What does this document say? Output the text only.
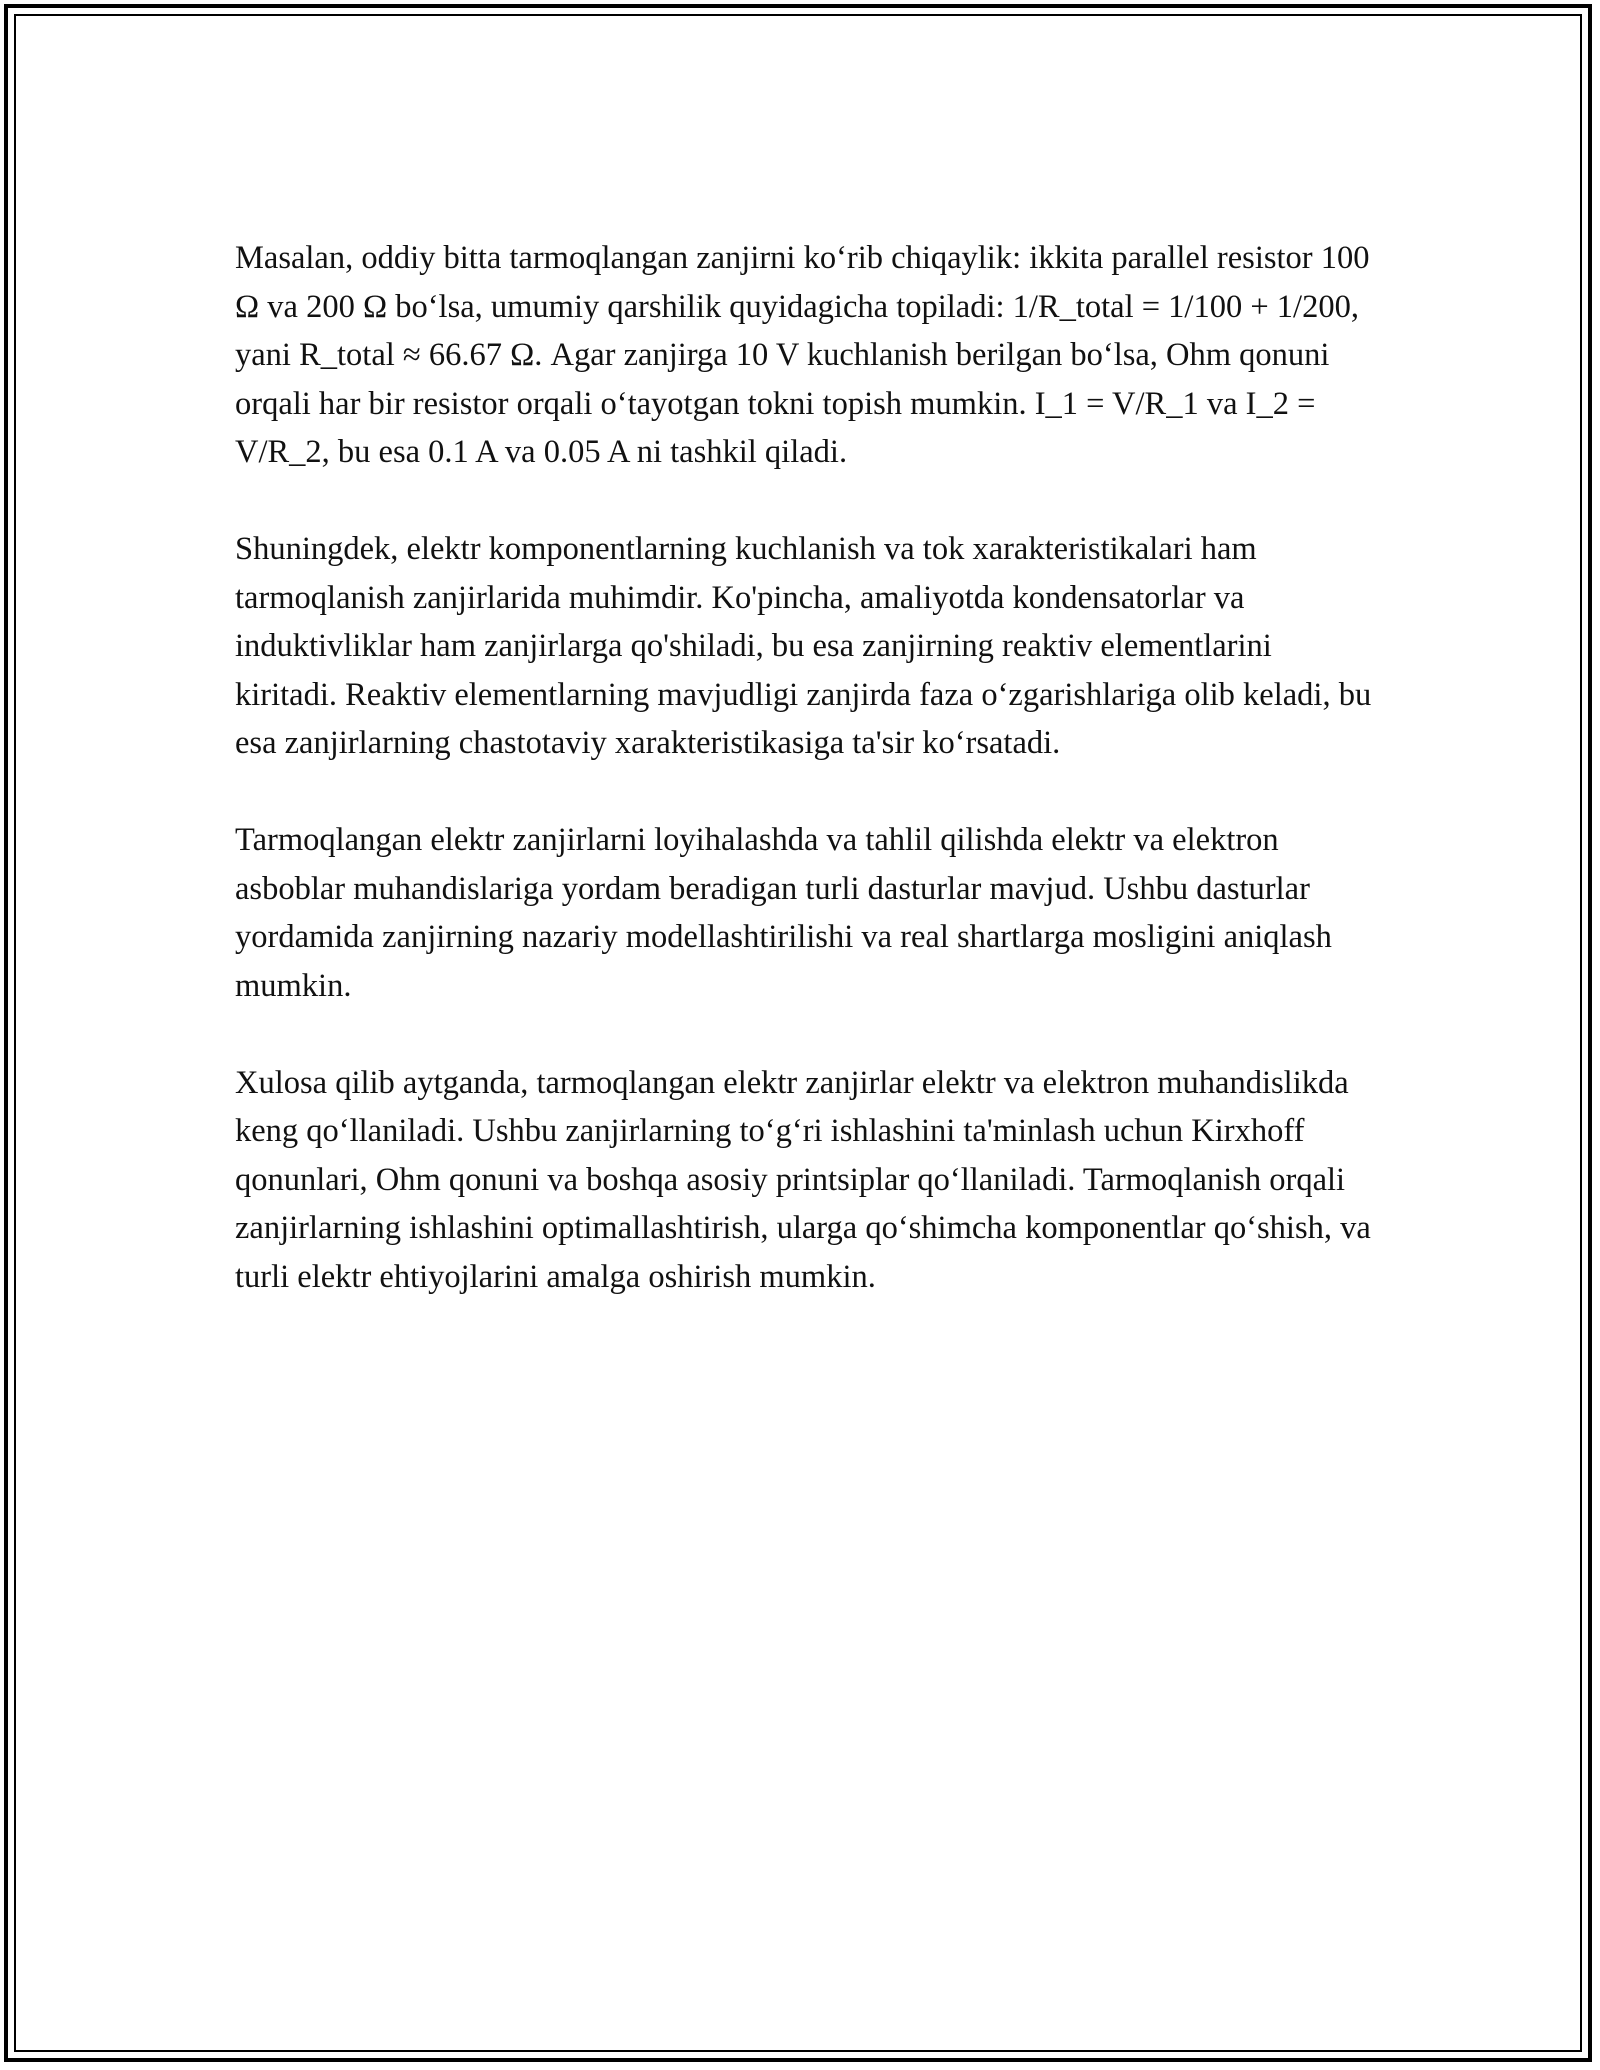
Masalan, oddiy bitta tarmoqlangan zanjirni koʻrib chiqaylik: ikkita parallel resistor 100 Ω va 200 Ω boʻlsa, umumiy qarshilik quyidagicha topiladi: 1/R_total = 1/100 + 1/200, yani R_total ≈ 66.67 Ω. Agar zanjirga 10 V kuchlanish berilgan boʻlsa, Ohm qonuni orqali har bir resistor orqali oʻtayotgan tokni topish mumkin. I_1 = V/R_1 va I_2 = V/R_2, bu esa 0.1 A va 0.05 A ni tashkil qiladi.

Shuningdek, elektr komponentlarning kuchlanish va tok xarakteristikalari ham tarmoqlanish zanjirlarida muhimdir. Ko'pincha, amaliyotda kondensatorlar va induktivliklar ham zanjirlarga qo'shiladi, bu esa zanjirning reaktiv elementlarini kiritadi. Reaktiv elementlarning mavjudligi zanjirda faza oʻzgarishlariga olib keladi, bu esa zanjirlarning chastotaviy xarakteristikasiga ta'sir koʻrsatadi.

Tarmoqlangan elektr zanjirlarni loyihalashda va tahlil qilishda elektr va elektron asboblar muhandislariga yordam beradigan turli dasturlar mavjud. Ushbu dasturlar yordamida zanjirning nazariy modellashtirilishi va real shartlarga mosligini aniqlash mumkin.

Xulosa qilib aytganda, tarmoqlangan elektr zanjirlar elektr va elektron muhandislikda keng qoʻllaniladi. Ushbu zanjirlarning toʻgʻri ishlashini ta'minlash uchun Kirxhoff qonunlari, Ohm qonuni va boshqa asosiy printsiplar qoʻllaniladi. Tarmoqlanish orqali zanjirlarning ishlashini optimallashtirish, ularga qoʻshimcha komponentlar qoʻshish, va turli elektr ehtiyojlarini amalga oshirish mumkin.
